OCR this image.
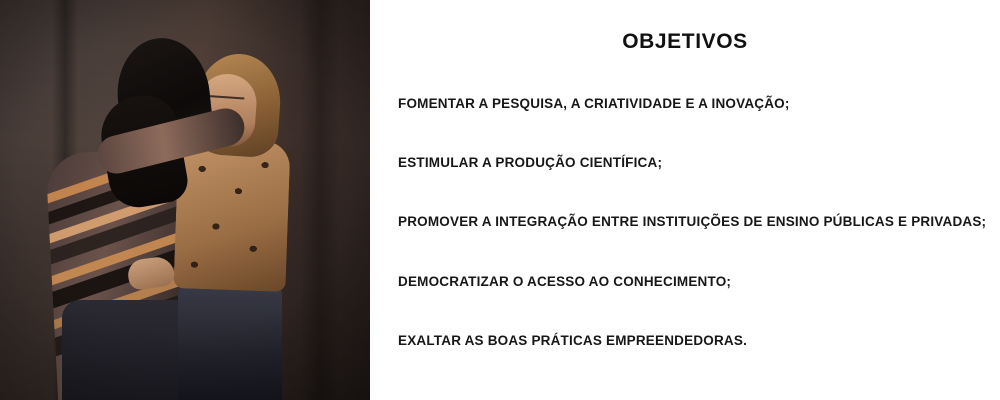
OBJETIVOS
FOMENTAR A PESQUISA, A CRIATIVIDADE E A INOVAÇÃO;
ESTIMULAR A PRODUÇÃO CIENTÍFICA;
PROMOVER A INTEGRAÇÃO ENTRE INSTITUIÇÕES DE ENSINO PÚBLICAS E PRIVADAS;
DEMOCRATIZAR O ACESSO AO CONHECIMENTO;
EXALTAR AS BOAS PRÁTICAS EMPREENDEDORAS.
